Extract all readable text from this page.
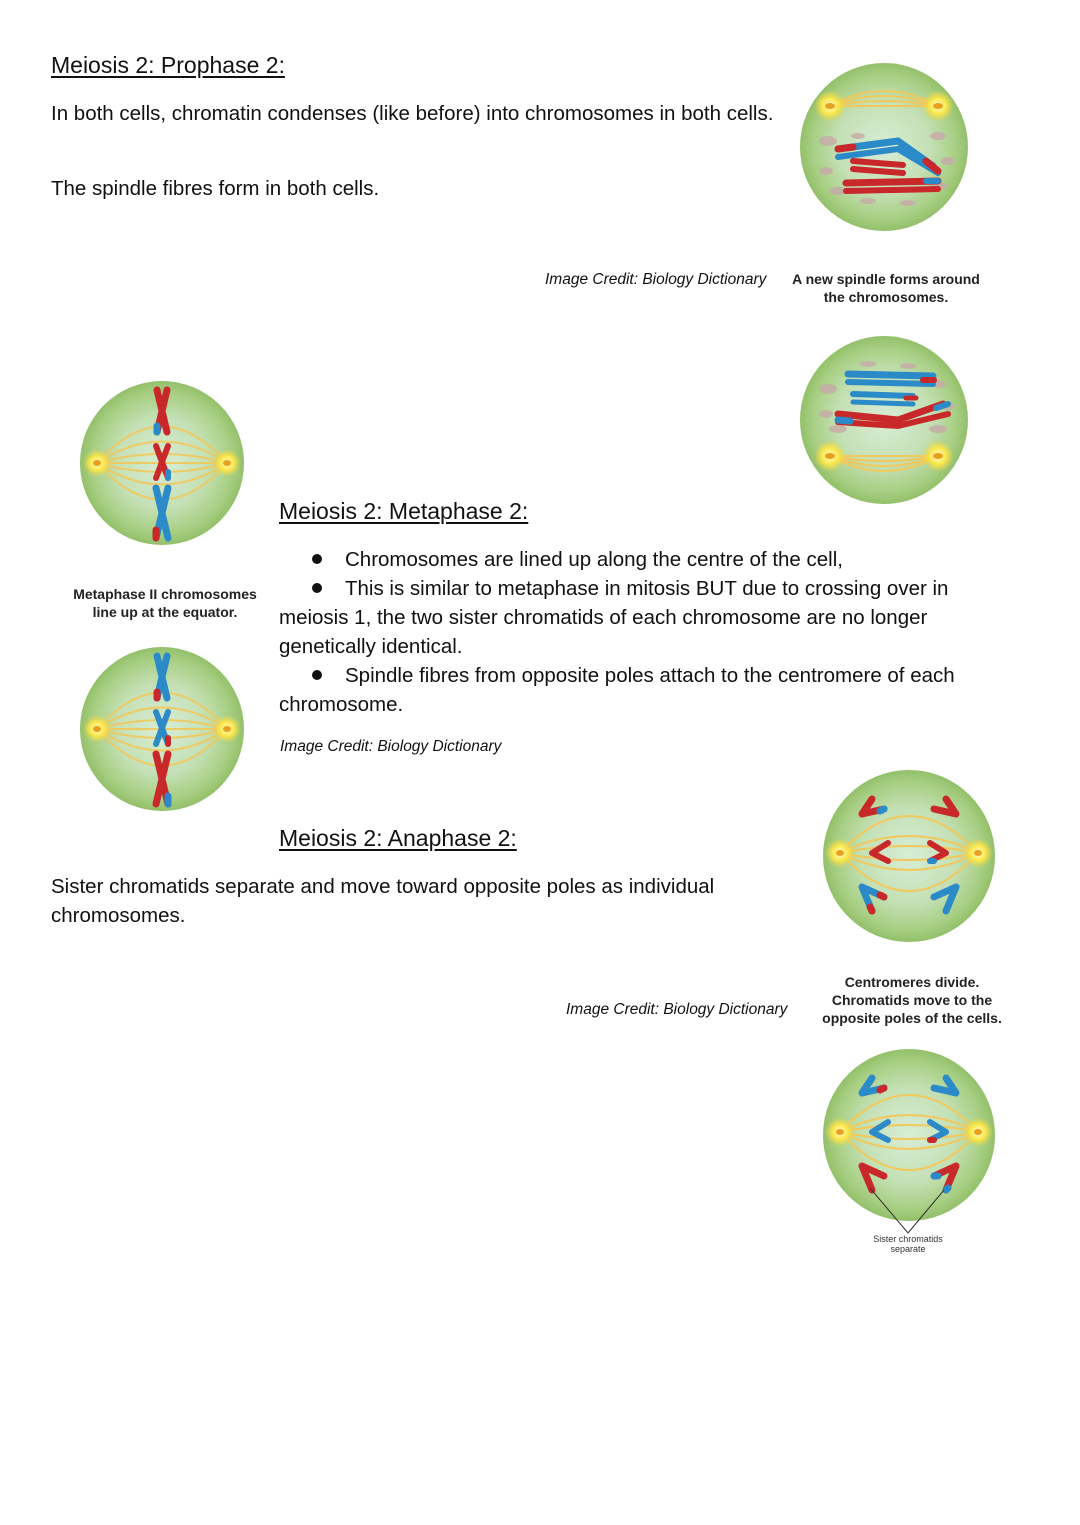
Meiosis 2: Prophase 2:
In both cells, chromatin condenses (like before) into chromosomes in both cells.
The spindle fibres form in both cells.
Image Credit: Biology Dictionary	A new spindle forms around
the chromosomes.
Metaphase II chromosomes
line up at the equator.
Meiosis 2: Metaphase 2:
Chromosomes are lined up along the centre of the cell,
This is similar to metaphase in mitosis BUT due to crossing over in meiosis 1, the two sister chromatids of each chromosome are no longer genetically identical.
Spindle fibres from opposite poles attach to the centromere of each chromosome.
Image Credit: Biology Dictionary
Meiosis 2: Anaphase 2:
Sister chromatids separate and move toward opposite poles as individual chromosomes.
Image Credit: Biology Dictionary
Centromeres divide.
Chromatids move to the
opposite poles of the cells.
Sister chromatids
separate
